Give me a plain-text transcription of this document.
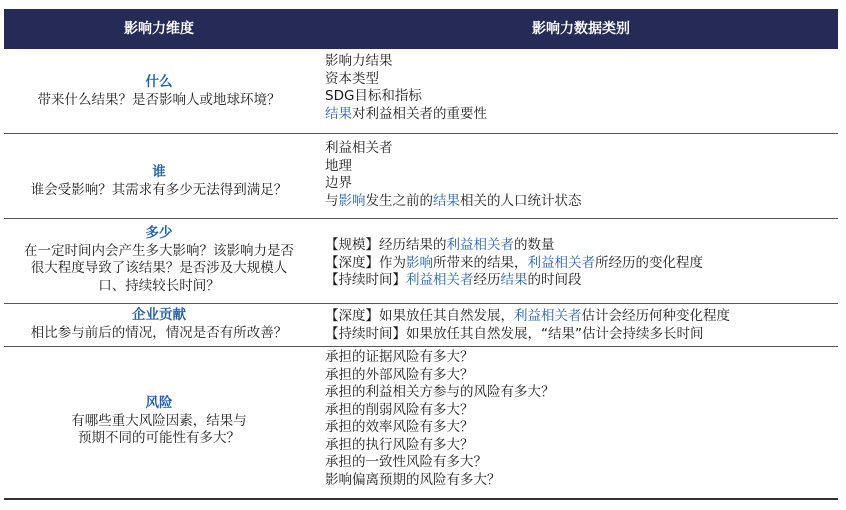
影响力维度	影响力数据类别
什么
带来什么结果？是否影响人或地球环境？
影响力结果
资本类型
SDG目标和指标
结果对利益相关者的重要性
谁
谁会受影响？其需求有多少无法得到满足？
利益相关者
地理
边界
与影响发生之前的结果相关的人口统计状态
多少
在一定时间内会产生多大影响？该影响力是否很大程度导致了该结果？是否涉及大规模人口、持续较长时间？
【规模】经历结果的利益相关者的数量
【深度】作为影响所带来的结果，利益相关者所经历的变化程度
【持续时间】利益相关者经历结果的时间段
企业贡献
相比参与前后的情况，情况是否有所改善？
【深度】如果放任其自然发展，利益相关者估计会经历何种变化程度
【持续时间】如果放任其自然发展，“结果”估计会持续多长时间
风险
有哪些重大风险因素，结果与预期不同的可能性有多大？
承担的证据风险有多大？
承担的外部风险有多大？
承担的利益相关方参与的风险有多大？
承担的削弱风险有多大？
承担的效率风险有多大？
承担的执行风险有多大？
承担的一致性风险有多大？
影响偏离预期的风险有多大？
